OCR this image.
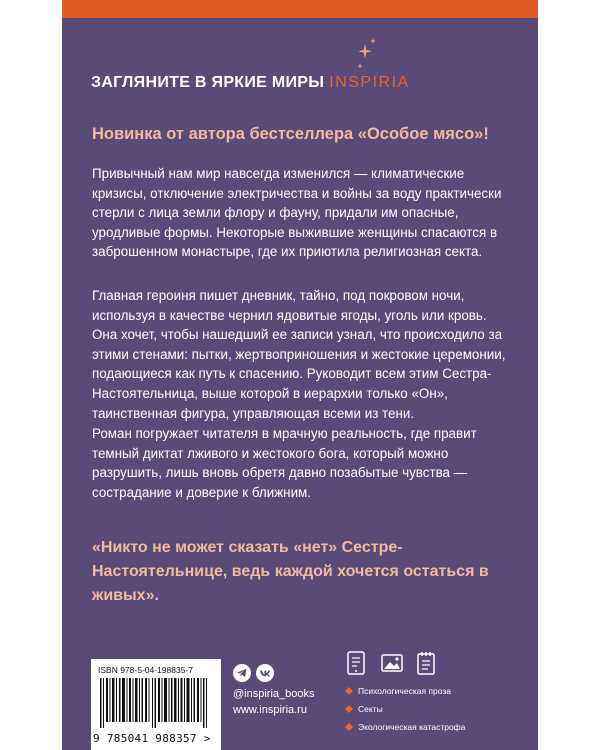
ЗАГЛЯНИТЕ В ЯРКИЕ МИРЫ INSPIRIA
Новинка от автора бестселлера «Особое мясо»!

Привычный нам мир навсегда изменился — климатические кризисы, отключение электричества и войны за воду практически стерли с лица земли флору и фауну, придали им опасные, уродливые формы. Некоторые выжившие женщины спасаются в заброшенном монастыре, где их приютила религиозная секта.

Главная героиня пишет дневник, тайно, под покровом ночи, используя в качестве чернил ядовитые ягоды, уголь или кровь. Она хочет, чтобы нашедший ее записи узнал, что происходило за этими стенами: пытки, жертвоприношения и жестокие церемонии, подающиеся как путь к спасению. Руководит всем этим Сестра-Настоятельница, выше которой в иерархии только «Он», таинственная фигура, управляющая всеми из тени.

Роман погружает читателя в мрачную реальность, где правит темный диктат лживого и жестокого бога, который можно разрушить, лишь вновь обретя давно позабытые чувства — сострадание и доверие к ближним.

«Никто не может сказать «нет» Сестре-Настоятельнице, ведь каждой хочется остаться в живых».

ISBN 978-5-04-198835-7
9 785041 988357 >
@inspiria_books
www.inspiria.ru
Психологическая проза
Секты
Экологическая катастрофа
